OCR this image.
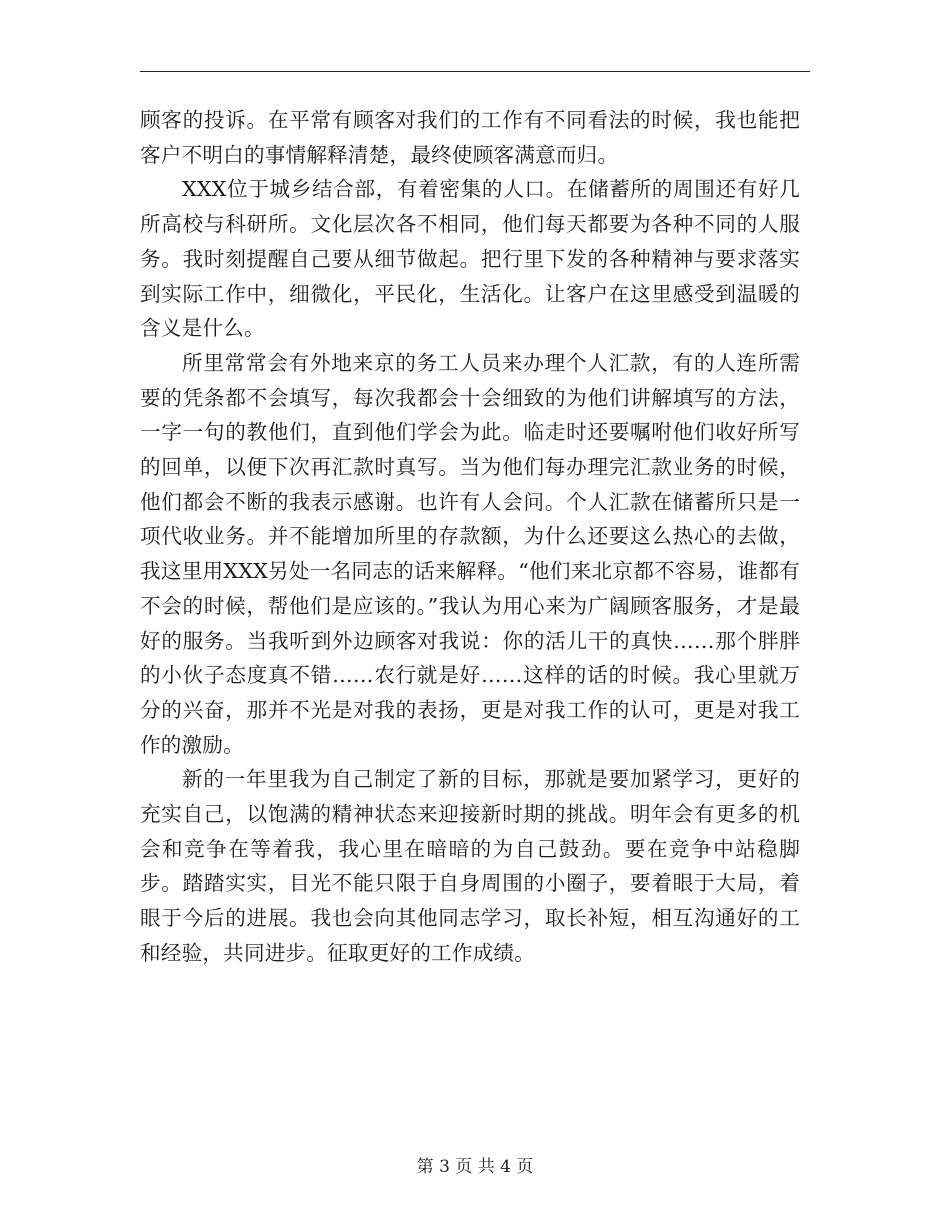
顾客的投诉。在平常有顾客对我们的工作有不同看法的时候，我也能把客户不明白的事情解释清楚，最终使顾客满意而归。

XXX位于城乡结合部，有着密集的人口。在储蓄所的周围还有好几所高校与科研所。文化层次各不相同，他们每天都要为各种不同的人服务。我时刻提醒自己要从细节做起。把行里下发的各种精神与要求落实到实际工作中，细微化，平民化，生活化。让客户在这里感受到温暖的含义是什么。

所里常常会有外地来京的务工人员来办理个人汇款，有的人连所需要的凭条都不会填写，每次我都会十会细致的为他们讲解填写的方法，一字一句的教他们，直到他们学会为此。临走时还要嘱咐他们收好所写的回单，以便下次再汇款时真写。当为他们每办理完汇款业务的时候，他们都会不断的我表示感谢。也许有人会问。个人汇款在储蓄所只是一项代收业务。并不能增加所里的存款额，为什么还要这么热心的去做，我这里用XXX另处一名同志的话来解释。“他们来北京都不容易，谁都有不会的时候，帮他们是应该的。”我认为用心来为广阔顾客服务，才是最好的服务。当我听到外边顾客对我说：你的活儿干的真快……那个胖胖的小伙子态度真不错……农行就是好……这样的话的时候。我心里就万分的兴奋，那并不光是对我的表扬，更是对我工作的认可，更是对我工作的激励。

新的一年里我为自己制定了新的目标，那就是要加紧学习，更好的充实自己，以饱满的精神状态来迎接新时期的挑战。明年会有更多的机会和竞争在等着我，我心里在暗暗的为自己鼓劲。要在竞争中站稳脚步。踏踏实实，目光不能只限于自身周围的小圈子，要着眼于大局，着眼于今后的进展。我也会向其他同志学习，取长补短，相互沟通好的工和经验，共同进步。征取更好的工作成绩。

第 3 页 共 4 页
